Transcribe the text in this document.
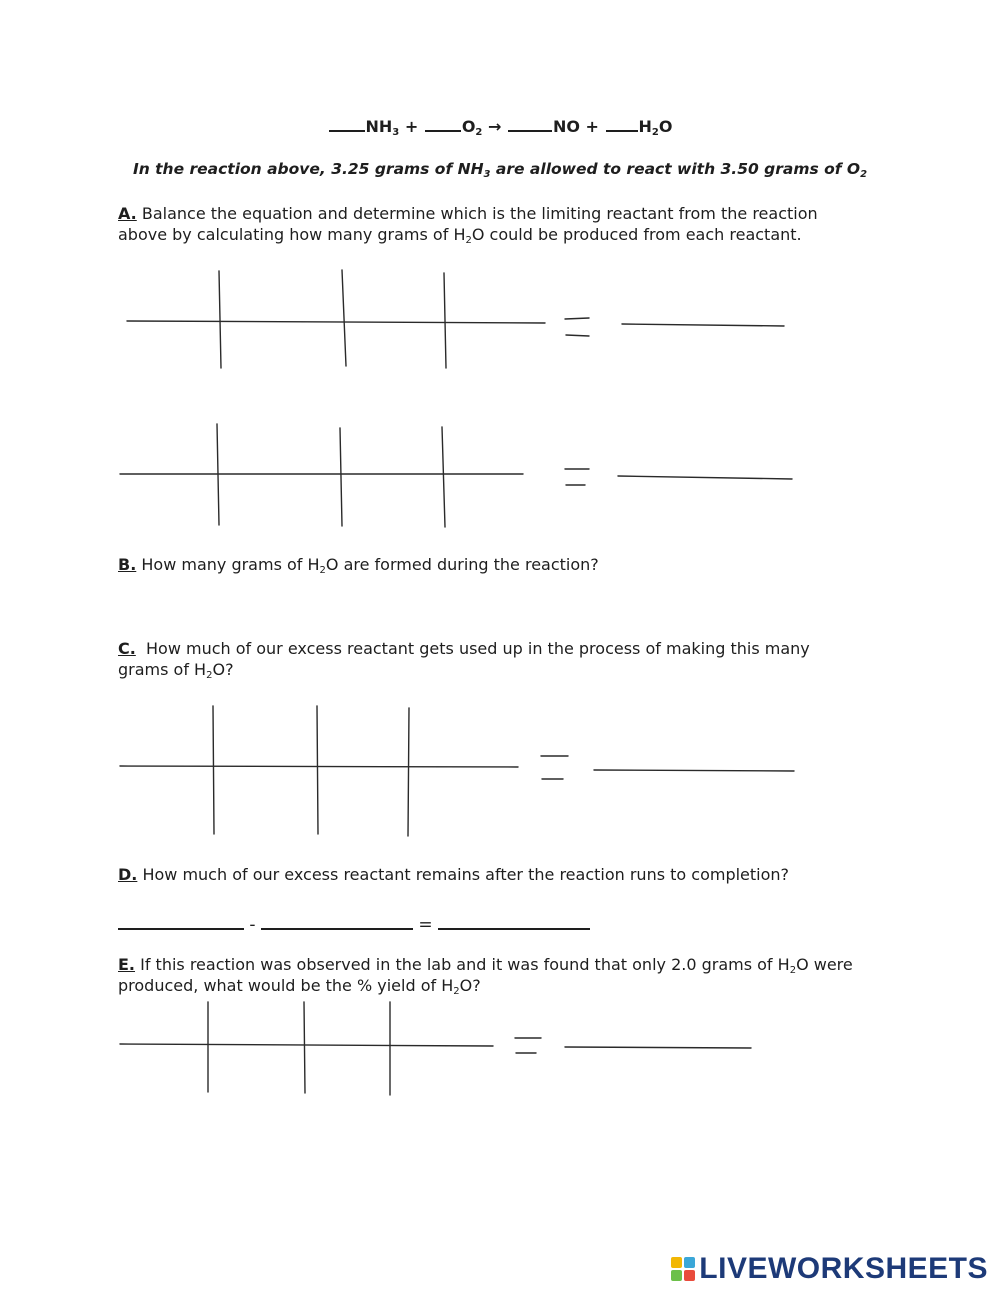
$NH_3$ +	$O_2$ →	NO + $H_2O$
In the reaction above, 3.25 grams of $NH_3$ are allowed to react with 3.50 grams of $O_2$
A. Balance the equation and determine which is the limiting reactant from the reaction
above by calculating how many grams of $H_2O$ could be produced from each reactant.
B. How many grams of $H_2O$ are formed during the reaction?
C.  How much of our excess reactant gets used up in the process of making this many
grams of $H_2O$?
D. How much of our excess reactant remains after the reaction runs to completion?
-	=
E. If this reaction was observed in the lab and it was found that only 2.0 grams of $H_2O$ were
produced, what would be the % yield of $H_2O$?
LIVEWORKSHEETS
